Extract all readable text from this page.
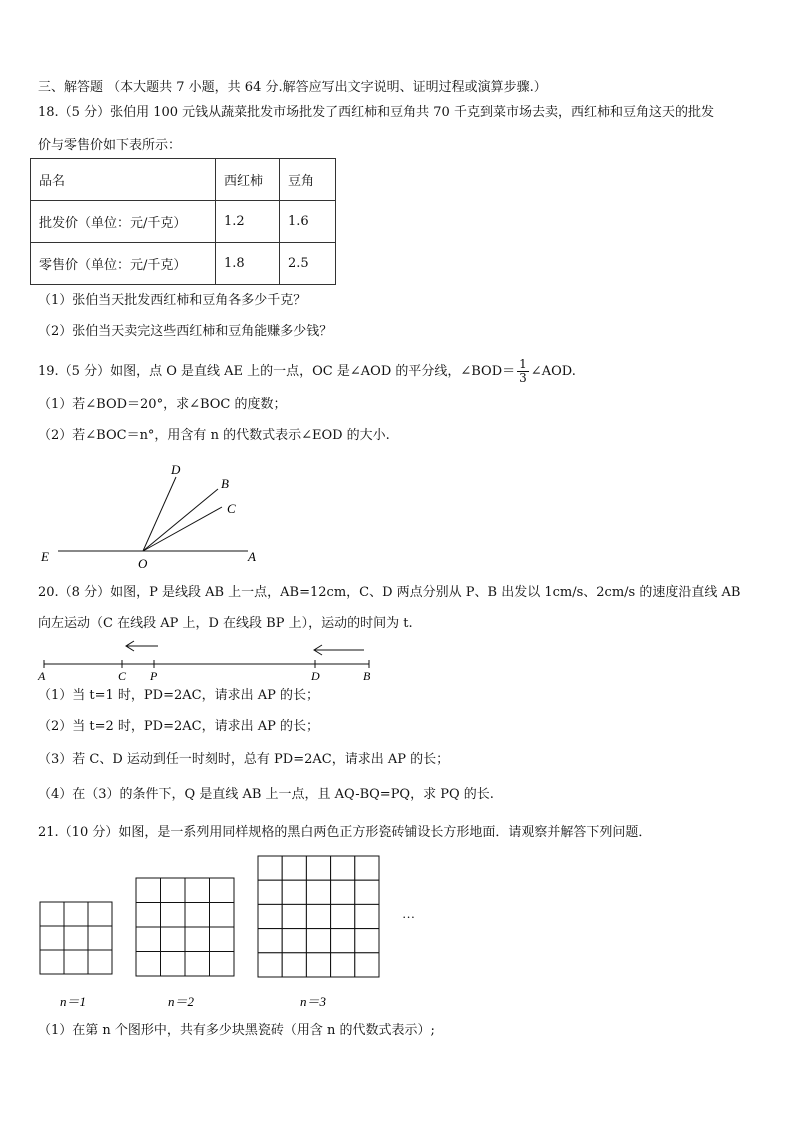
三、解答题 （本大题共 7 小题，共 64 分.解答应写出文字说明、证明过程或演算步骤.）
18.（5 分）张伯用 100 元钱从蔬菜批发市场批发了西红柿和豆角共 70 千克到菜市场去卖，西红柿和豆角这天的批发
价与零售价如下表所示：
品名	西红柿	豆角
批发价（单位：元/千克）	1.2	1.6
零售价（单位：元/千克）	1.8	2.5
（1）张伯当天批发西红柿和豆角各多少千克？
（2）张伯当天卖完这些西红柿和豆角能赚多少钱？
19.（5 分）如图，点 O 是直线 AE 上的一点，OC 是∠AOD 的平分线，∠BOD＝ $\frac{1}{3}$ ∠AOD.
（1）若∠BOD＝20°，求∠BOC 的度数；
（2）若∠BOC＝n°，用含有 n 的代数式表示∠EOD 的大小.
D
B
C
E	O	A
20.（8 分）如图，P 是线段 AB 上一点，AB=12cm，C、D 两点分别从 P、B 出发以 1cm/s、2cm/s 的速度沿直线 AB
向左运动（C 在线段 AP 上，D 在线段 BP 上），运动的时间为 t.
A	C P	D	B
（1）当 t=1 时，PD=2AC，请求出 AP 的长；
（2）当 t=2 时，PD=2AC，请求出 AP 的长；
（3）若 C、D 运动到任一时刻时，总有 PD=2AC，请求出 AP 的长；
（4）在（3）的条件下，Q 是直线 AB 上一点，且 AQ-BQ=PQ，求 PQ 的长.
21.（10 分）如图，是一系列用同样规格的黑白两色正方形瓷砖铺设长方形地面．请观察并解答下列问题．
…
n＝1	n＝2	n＝3
（1）在第 n 个图形中，共有多少块黑瓷砖（用含 n 的代数式表示）;
